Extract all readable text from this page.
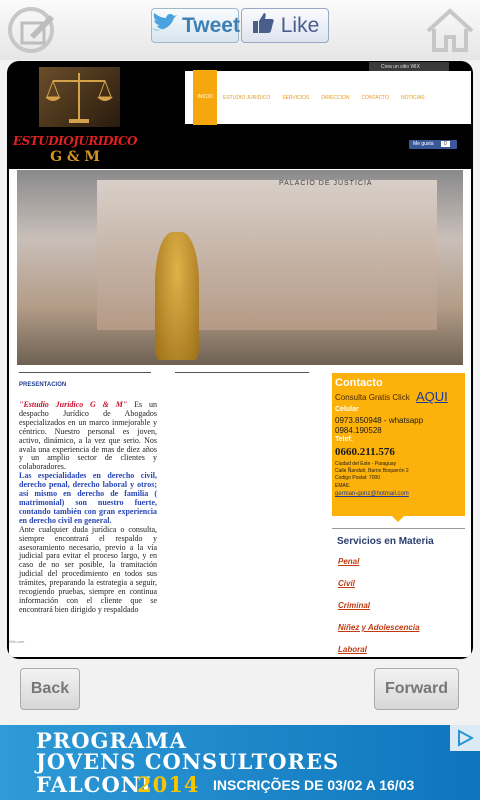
Tweet Like
ESTUDIOJURIDICO
G & M
Crea un sitio WIX
INICIO	ESTUDIO JURIDICO	SERVICIOS	DIRECCION	CONTACTO	NOTICIAS
Me gusta 0
PALACIO DE JUSTICIA
PRESENTACION
"Estudio Jurídico G & M" Es un despacho Jurídico de Abogados especializados en un marco inmejorable y céntrico. Nuestro personal es joven, activo, dinámico, a la vez que serio. Nos avala una experiencia de mas de diez años y un amplio sector de clientes y colaboradores.
Las especialidades en derecho civil, derecho penal, derecho laboral y otros; así mismo en derecho de familia ( matrimonial) son nuestro fuerte, contando también con gran experiencia en derecho civil en general.
Ante cualquier duda jurídica o consulta, siempre encontrará el respaldo y asesoramiento necesario, previo a la vía judicial para evitar el proceso largo, y en caso de no ser posible, la tramitación judicial del procedimiento en todos sus trámites, preparando la estrategia a seguir, recogiendo pruebas, siempre en continua información con el cliente que se encontrará bien dirigido y respaldado
Wix.com
Contacto
Consulta Gratis Click AQUI
Celular
0973.850948 - whatsapp
0984.190528
Telef.
0660.211.576
Ciudad del Este - Paraguay
Calle Ñandutí, Barrio Boquerón 2
Codigo Postal: 7000
EMAIL
german-gonz@hotmail.com
Servicios en Materia
Penal
Civil
Criminal
Niñez y Adolescencia
Laboral
Back	Forward
PROGRAMA
JOVENS CONSULTORES
FALCONI
2014 INSCRIÇÕES DE 03/02 A 16/03
